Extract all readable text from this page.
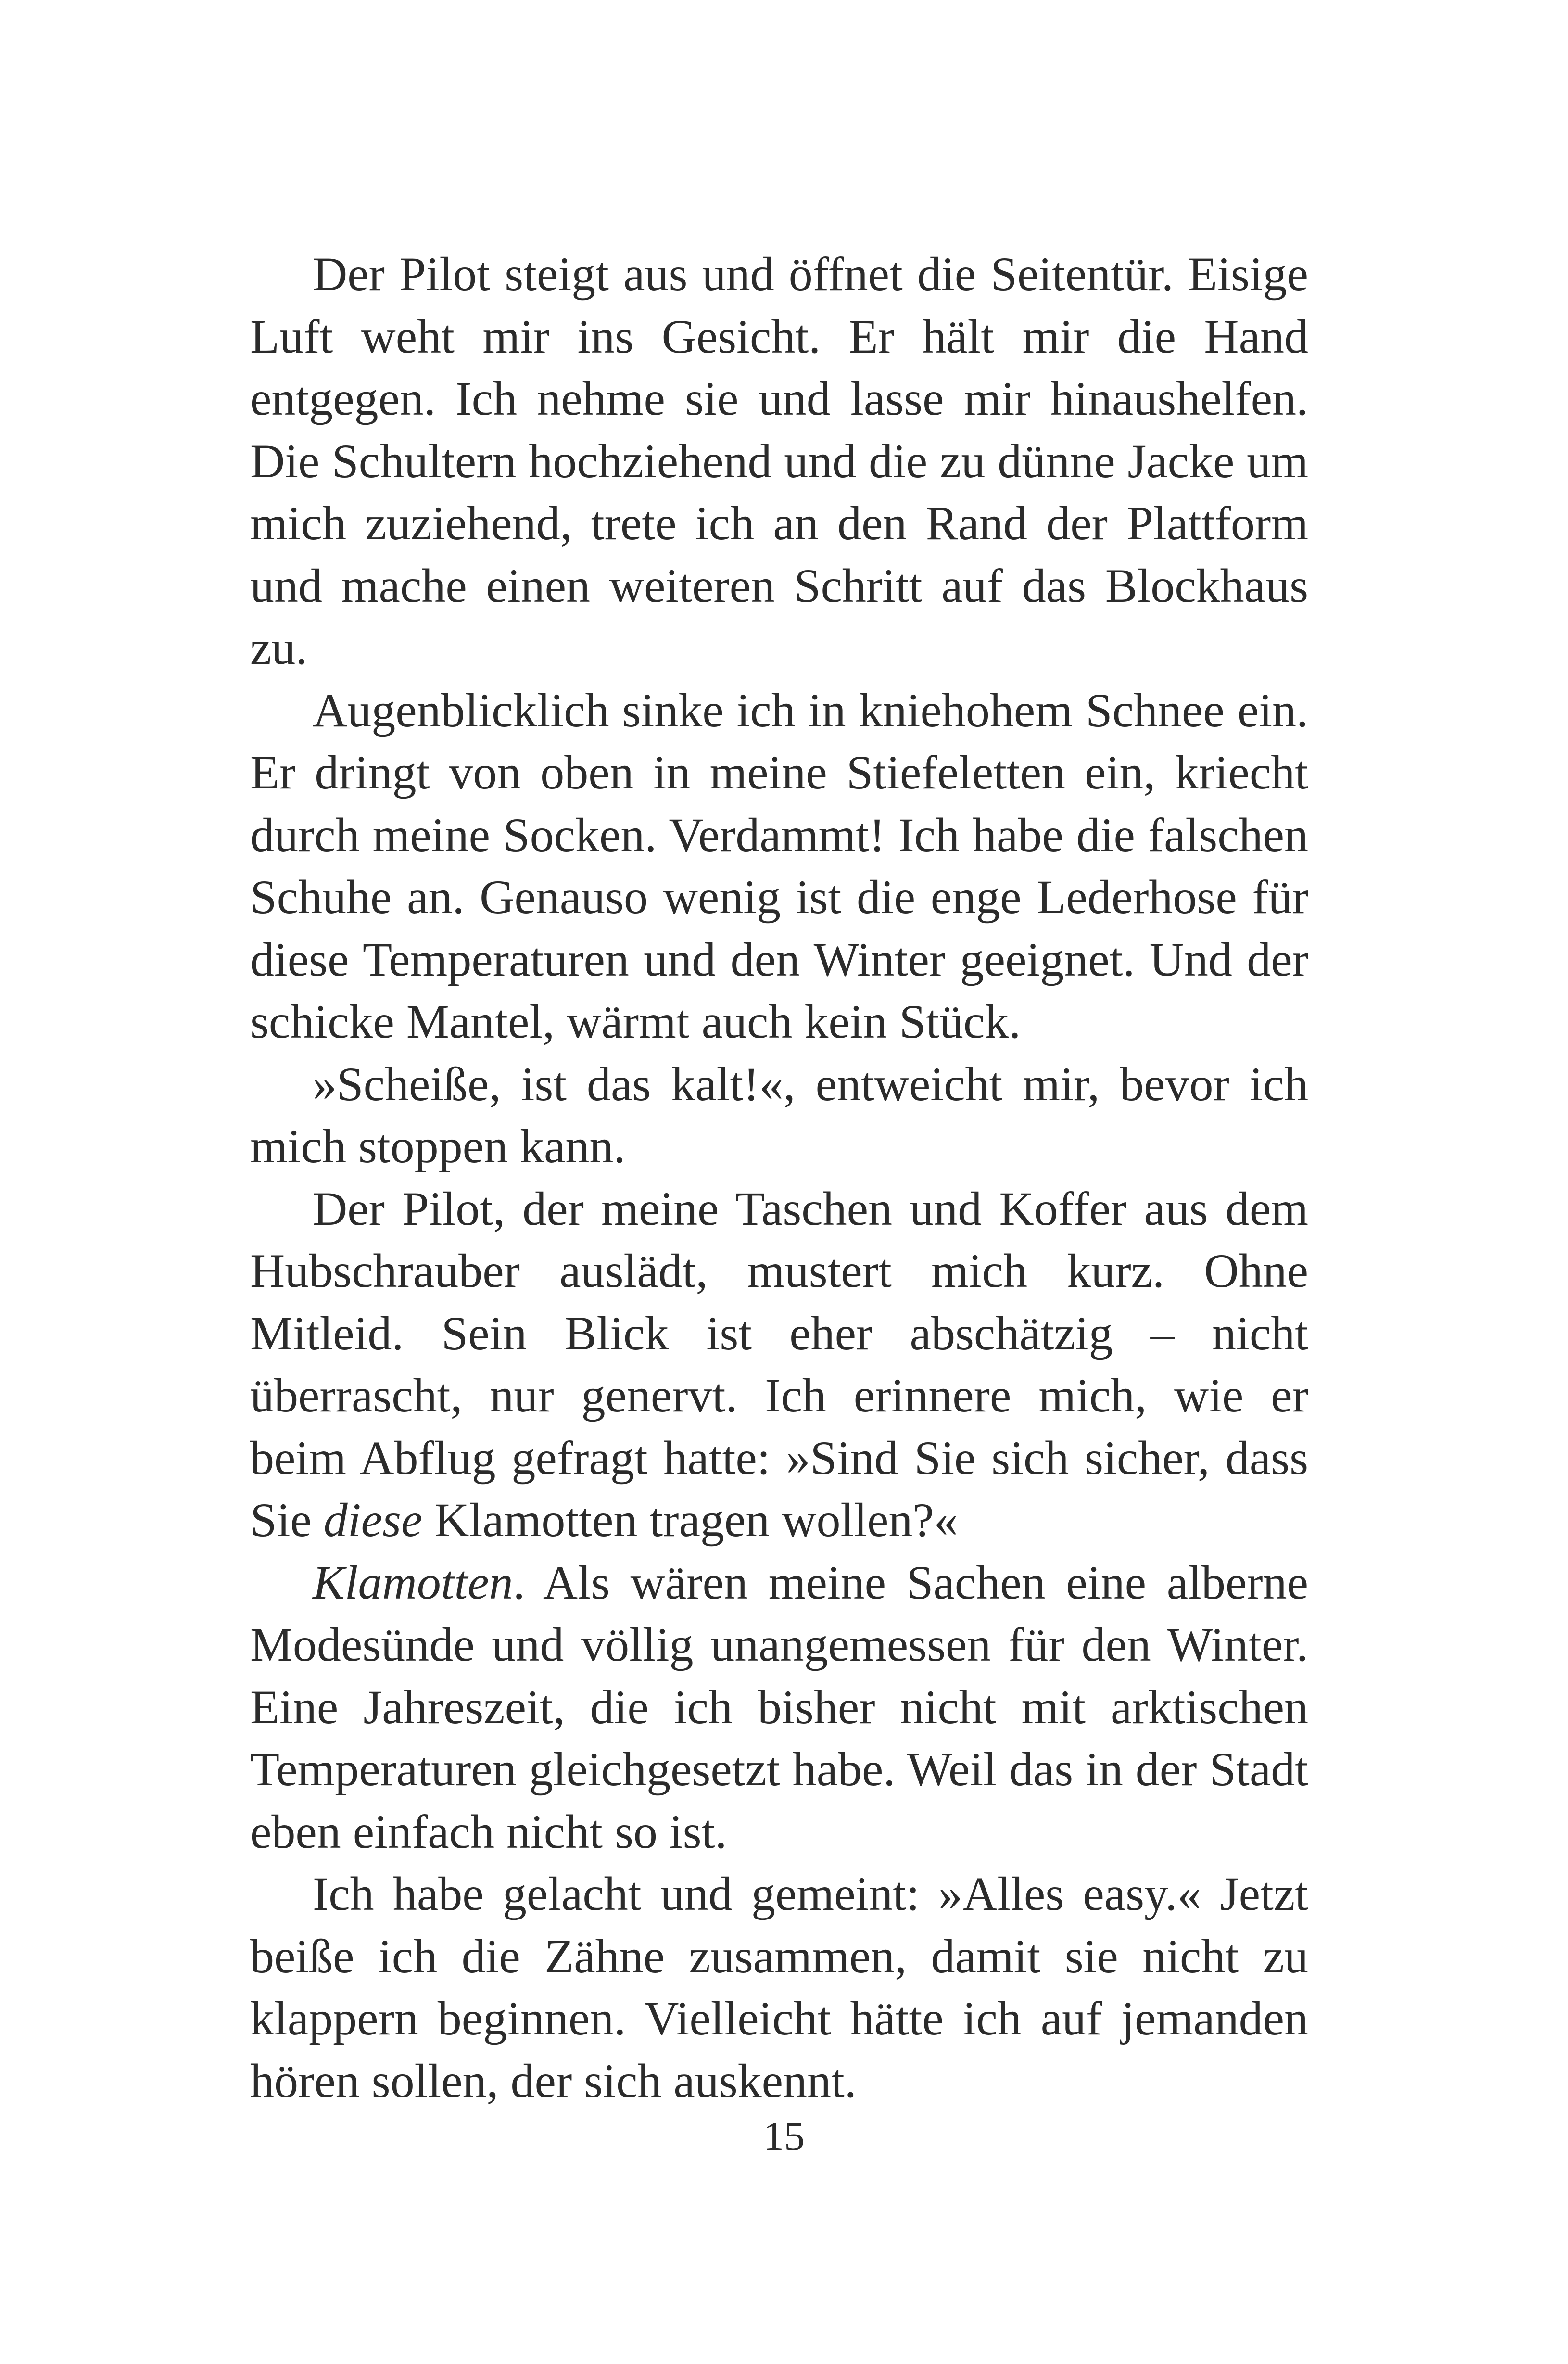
Der Pilot steigt aus und öffnet die Seitentür. Eisige Luft weht mir ins Gesicht. Er hält mir die Hand entgegen. Ich nehme sie und lasse mir hinaushelfen. Die Schultern hochziehend und die zu dünne Jacke um mich zuziehend, trete ich an den Rand der Plattform und mache einen weiteren Schritt auf das Blockhaus zu.

Augenblicklich sinke ich in kniehohem Schnee ein. Er dringt von oben in meine Stiefeletten ein, kriecht durch meine Socken. Verdammt! Ich habe die falschen Schuhe an. Genauso wenig ist die enge Lederhose für diese Temperaturen und den Winter geeignet. Und der schicke Mantel, wärmt auch kein Stück.

»Scheiße, ist das kalt!«, entweicht mir, bevor ich mich stoppen kann.

Der Pilot, der meine Taschen und Koffer aus dem Hubschrauber auslädt, mustert mich kurz. Ohne Mitleid. Sein Blick ist eher abschätzig – nicht überrascht, nur genervt. Ich erinnere mich, wie er beim Abflug gefragt hatte: »Sind Sie sich sicher, dass Sie diese Klamotten tragen wollen?«

Klamotten. Als wären meine Sachen eine alberne Modesünde und völlig unangemessen für den Winter. Eine Jahreszeit, die ich bisher nicht mit arktischen Temperaturen gleichgesetzt habe. Weil das in der Stadt eben einfach nicht so ist.

Ich habe gelacht und gemeint: »Alles easy.« Jetzt beiße ich die Zähne zusammen, damit sie nicht zu klappern beginnen. Vielleicht hätte ich auf jemanden hören sollen, der sich auskennt.

15
